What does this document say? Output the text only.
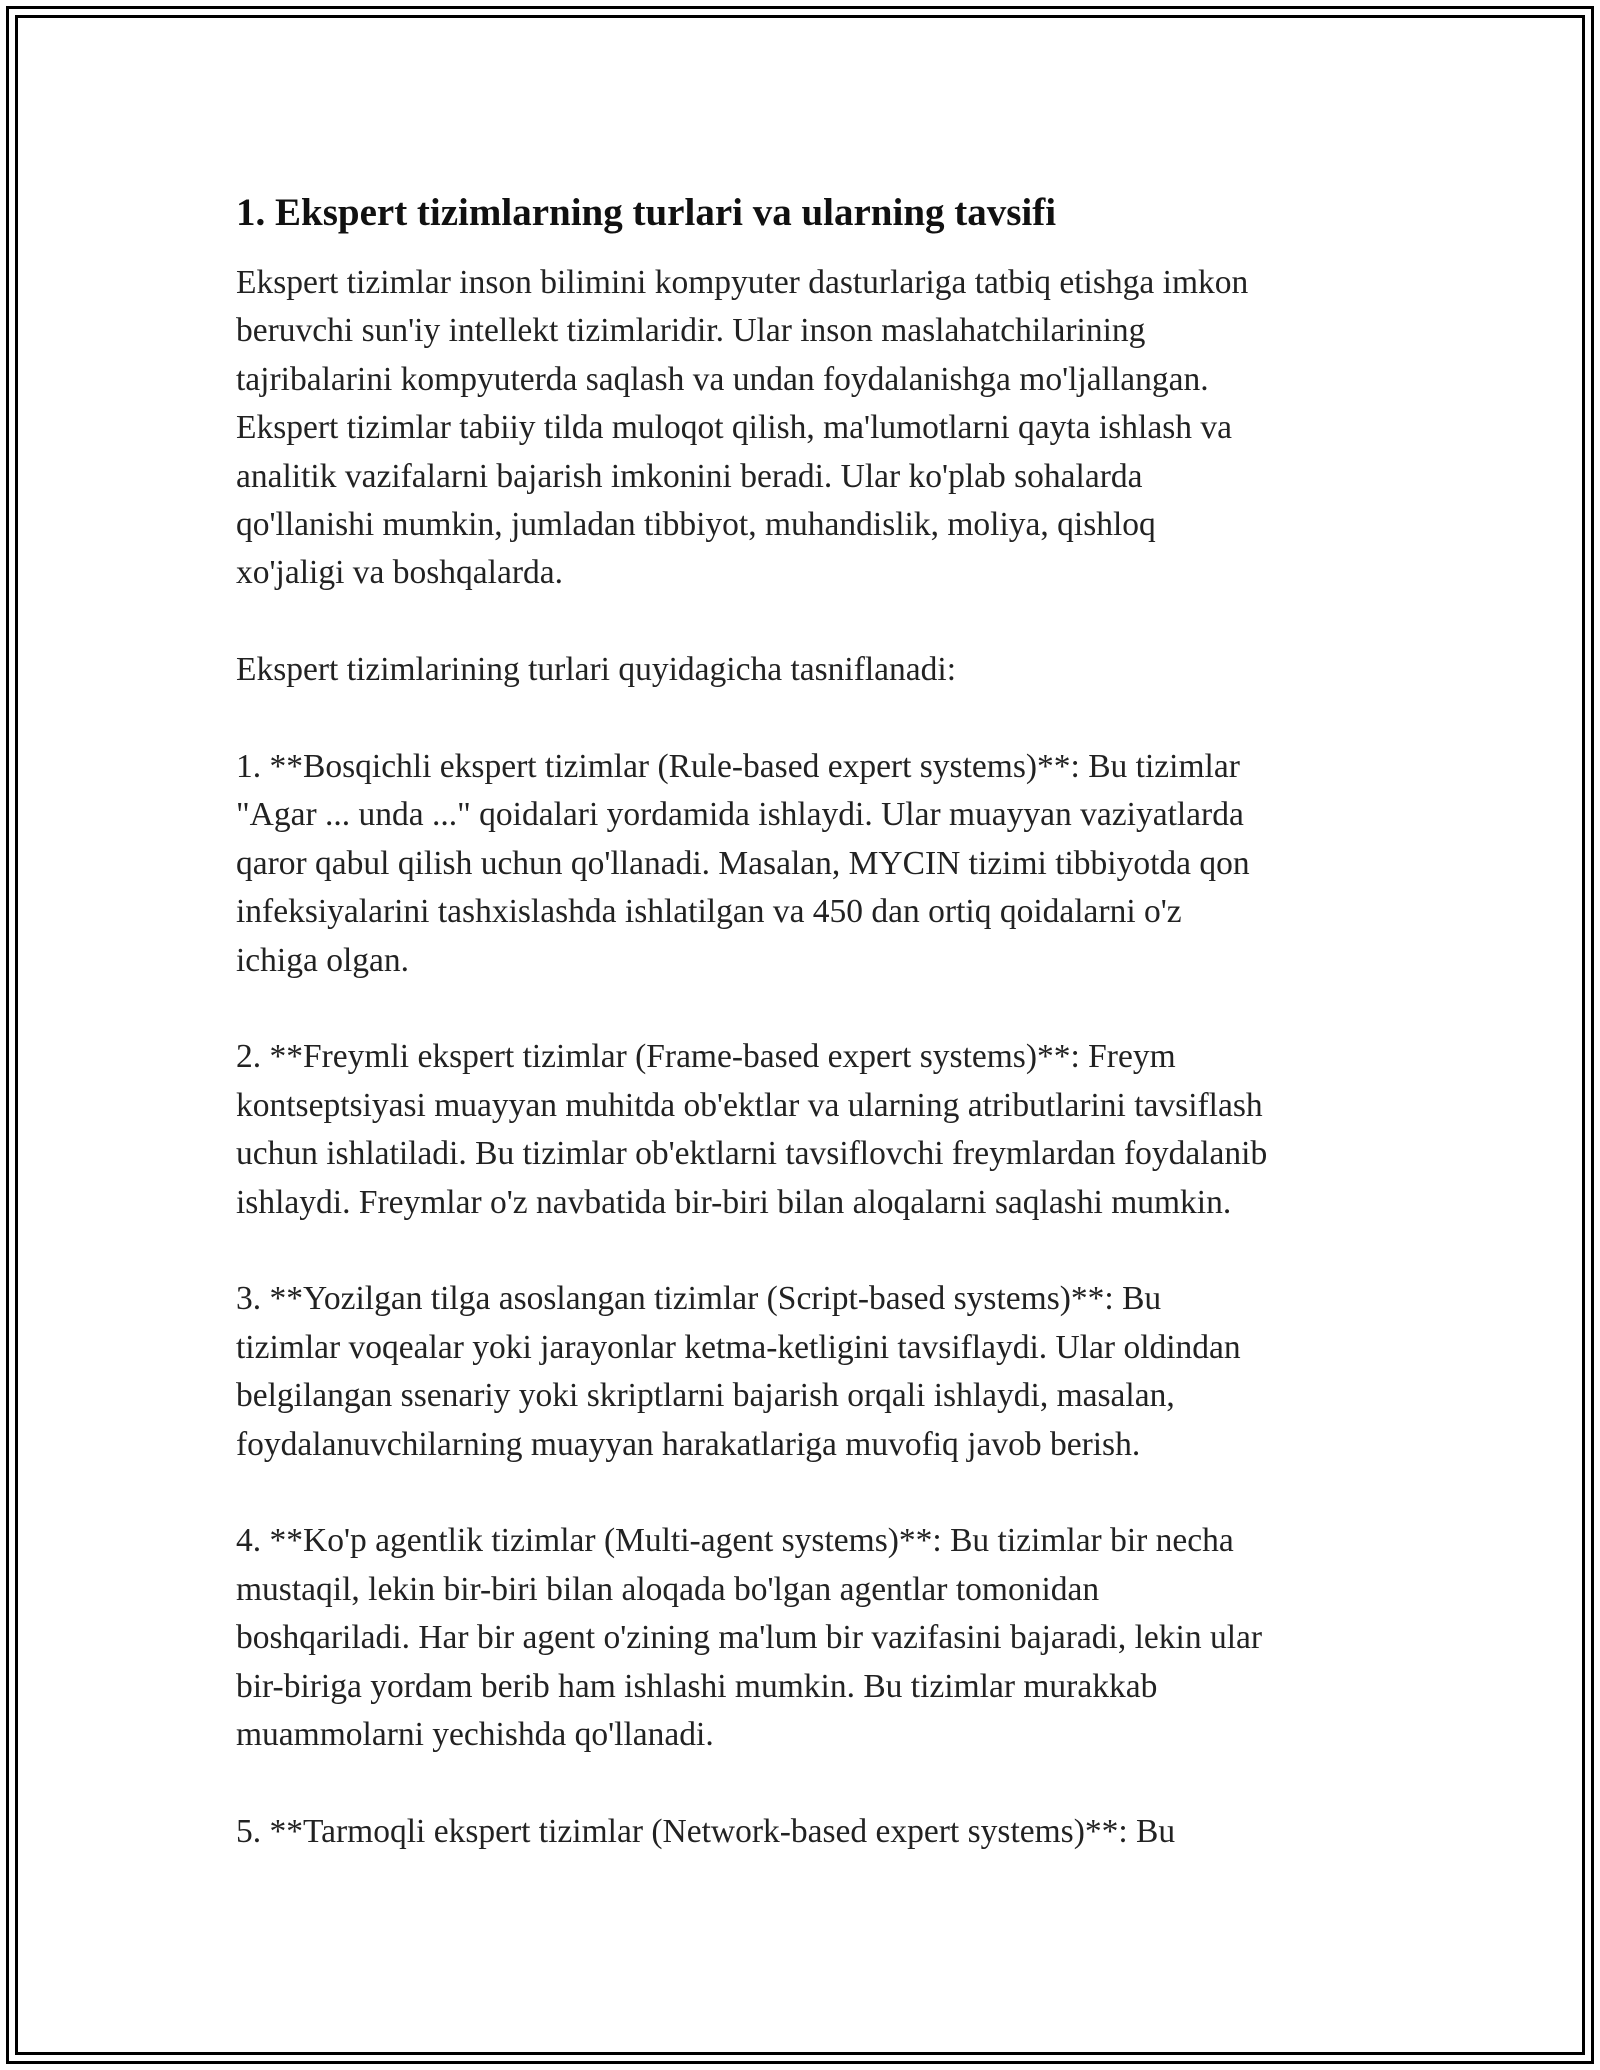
1. Ekspert tizimlarning turlari va ularning tavsifi

Ekspert tizimlar inson bilimini kompyuter dasturlariga tatbiq etishga imkon
beruvchi sun'iy intellekt tizimlaridir. Ular inson maslahatchilarining
tajribalarini kompyuterda saqlash va undan foydalanishga mo'ljallangan.
Ekspert tizimlar tabiiy tilda muloqot qilish, ma'lumotlarni qayta ishlash va
analitik vazifalarni bajarish imkonini beradi. Ular ko'plab sohalarda
qo'llanishi mumkin, jumladan tibbiyot, muhandislik, moliya, qishloq
xo'jaligi va boshqalarda.

Ekspert tizimlarining turlari quyidagicha tasniflanadi:

1. **Bosqichli ekspert tizimlar (Rule-based expert systems)**: Bu tizimlar
"Agar ... unda ..." qoidalari yordamida ishlaydi. Ular muayyan vaziyatlarda
qaror qabul qilish uchun qo'llanadi. Masalan, MYCIN tizimi tibbiyotda qon
infeksiyalarini tashxislashda ishlatilgan va 450 dan ortiq qoidalarni o'z
ichiga olgan.

2. **Freymli ekspert tizimlar (Frame-based expert systems)**: Freym
kontseptsiyasi muayyan muhitda ob'ektlar va ularning atributlarini tavsiflash
uchun ishlatiladi. Bu tizimlar ob'ektlarni tavsiflovchi freymlardan foydalanib
ishlaydi. Freymlar o'z navbatida bir-biri bilan aloqalarni saqlashi mumkin.

3. **Yozilgan tilga asoslangan tizimlar (Script-based systems)**: Bu
tizimlar voqealar yoki jarayonlar ketma-ketligini tavsiflaydi. Ular oldindan
belgilangan ssenariy yoki skriptlarni bajarish orqali ishlaydi, masalan,
foydalanuvchilarning muayyan harakatlariga muvofiq javob berish.

4. **Ko'p agentlik tizimlar (Multi-agent systems)**: Bu tizimlar bir necha
mustaqil, lekin bir-biri bilan aloqada bo'lgan agentlar tomonidan
boshqariladi. Har bir agent o'zining ma'lum bir vazifasini bajaradi, lekin ular
bir-biriga yordam berib ham ishlashi mumkin. Bu tizimlar murakkab
muammolarni yechishda qo'llanadi.

5. **Tarmoqli ekspert tizimlar (Network-based expert systems)**: Bu
